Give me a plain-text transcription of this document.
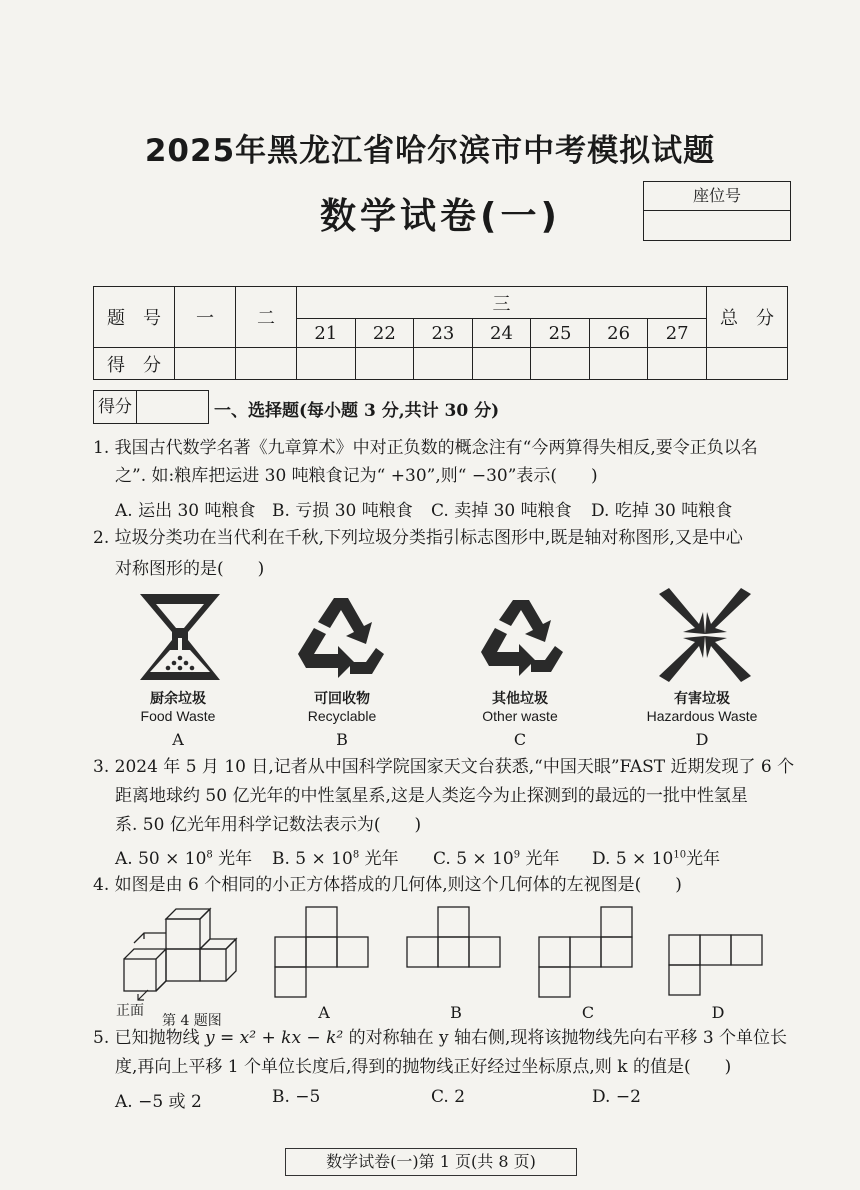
2025年黑龙江省哈尔滨市中考模拟试题
数学试卷(一)
座位号
题　号	一	二	三							总　分
			21	22	23	24	25	26	27	
得　分										
得分	一、选择题(每小题 3 分,共计 30 分)
1. 我国古代数学名著《九章算术》中对正负数的概念注有“今两算得失相反,要令正负以名
之”. 如:粮库把运进 30 吨粮食记为“ +30”,则“ −30”表示(　　)
A. 运出 30 吨粮食 B. 亏损 30 吨粮食 C. 卖掉 30 吨粮食 D. 吃掉 30 吨粮食
2. 垃圾分类功在当代利在千秋,下列垃圾分类指引标志图形中,既是轴对称图形,又是中心
对称图形的是(　　)
厨余垃圾
Food Waste
可回收物
Recyclable
其他垃圾
Other waste
有害垃圾
Hazardous Waste
A	B	C	D
3. 2024 年 5 月 10 日,记者从中国科学院国家天文台获悉,“中国天眼”FAST 近期发现了 6 个
距离地球约 50 亿光年的中性氢星系,这是人类迄今为止探测到的最远的一批中性氢星
系. 50 亿光年用科学记数法表示为(　　)
A. $50 \times 10^8$ 光年 B. $5 \times 10^8$ 光年 C. $5 \times 10^9$ 光年 D. $5 \times 10^{10}$光年
4. 如图是由 6 个相同的小正方体搭成的几何体,则这个几何体的左视图是(　　)
正面
第 4 题图	A	B	C	D
5. 已知抛物线 y = x² + kx − k² 的对称轴在 y 轴右侧,现将该抛物线先向右平移 3 个单位长
度,再向上平移 1 个单位长度后,得到的抛物线正好经过坐标原点,则 k 的值是(　　)
A. −5 或 2	B. −5	C. 2	D. −2
数学试卷(一)第 1 页(共 8 页)
